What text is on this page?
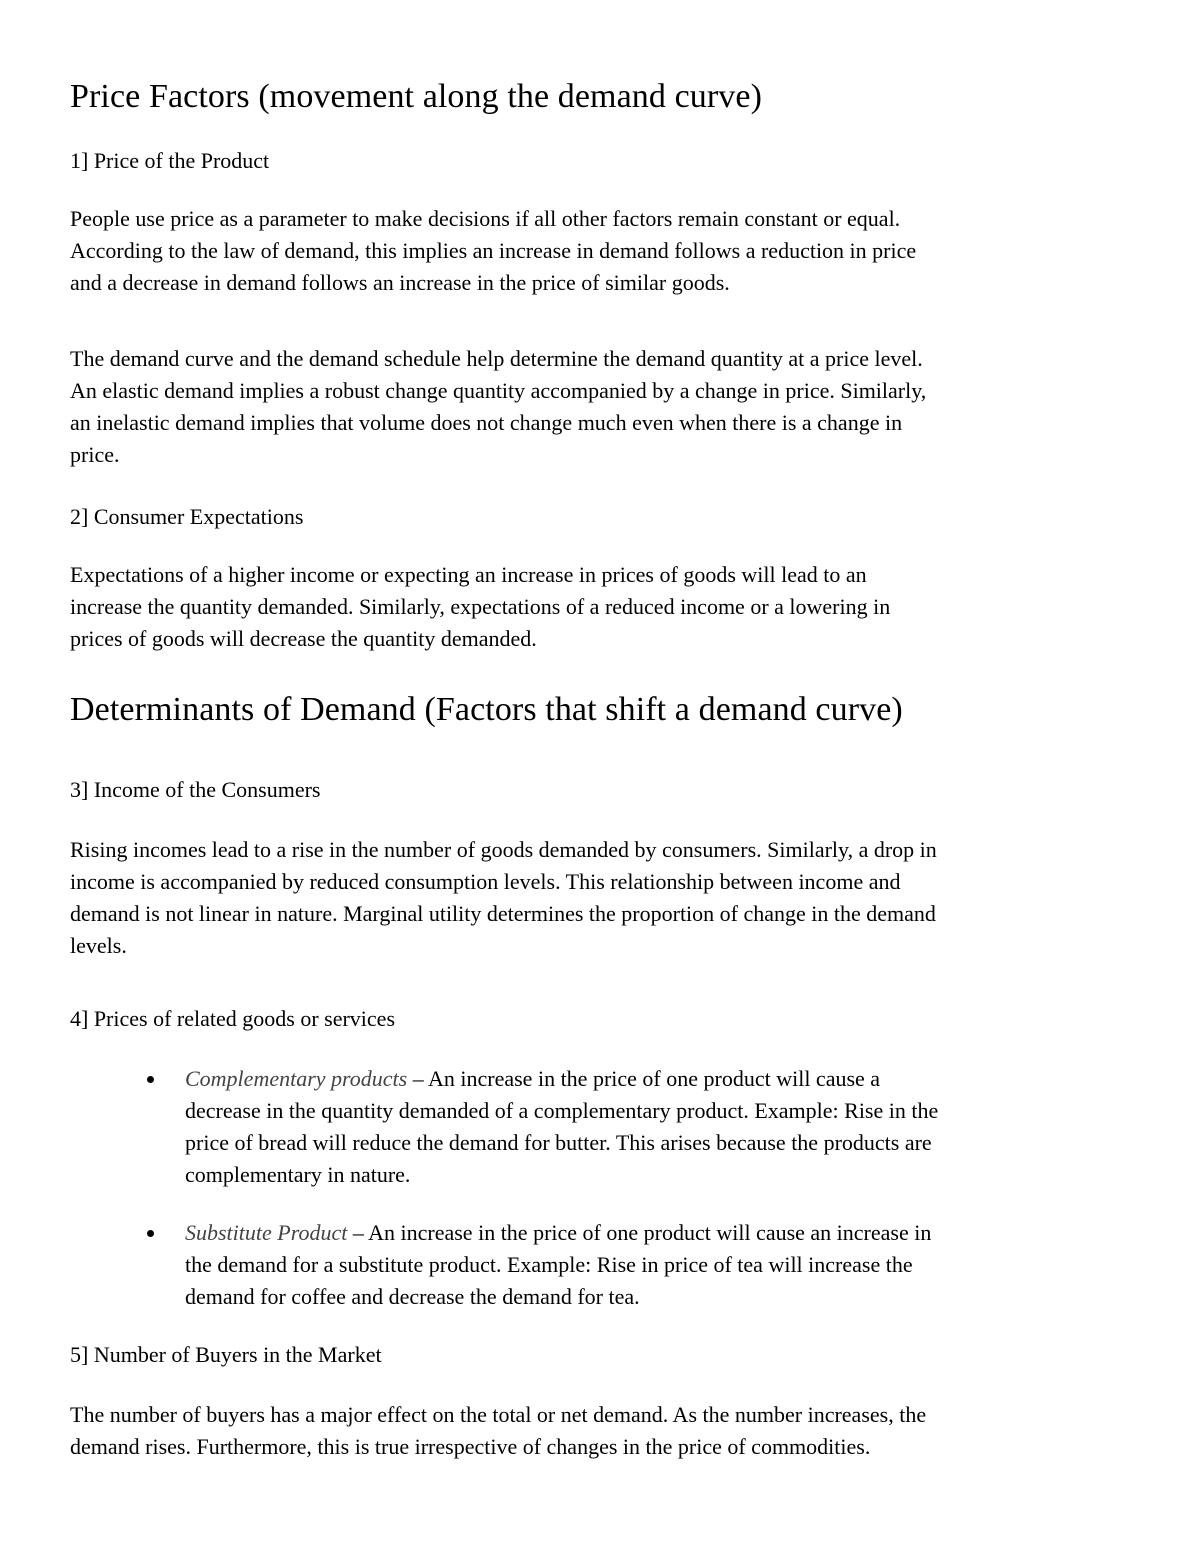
Price Factors (movement along the demand curve)
1] Price of the Product
People use price as a parameter to make decisions if all other factors remain constant or equal.
According to the law of demand, this implies an increase in demand follows a reduction in price
and a decrease in demand follows an increase in the price of similar goods.
The demand curve and the demand schedule help determine the demand quantity at a price level.
An elastic demand implies a robust change quantity accompanied by a change in price. Similarly,
an inelastic demand implies that volume does not change much even when there is a change in
price.
2] Consumer Expectations
Expectations of a higher income or expecting an increase in prices of goods will lead to an
increase the quantity demanded. Similarly, expectations of a reduced income or a lowering in
prices of goods will decrease the quantity demanded.
Determinants of Demand (Factors that shift a demand curve)
3] Income of the Consumers
Rising incomes lead to a rise in the number of goods demanded by consumers. Similarly, a drop in
income is accompanied by reduced consumption levels. This relationship between income and
demand is not linear in nature. Marginal utility determines the proportion of change in the demand
levels.
4] Prices of related goods or services
Complementary products – An increase in the price of one product will cause a
decrease in the quantity demanded of a complementary product. Example: Rise in the
price of bread will reduce the demand for butter. This arises because the products are
complementary in nature.
Substitute Product – An increase in the price of one product will cause an increase in
the demand for a substitute product. Example: Rise in price of tea will increase the
demand for coffee and decrease the demand for tea.
5] Number of Buyers in the Market
The number of buyers has a major effect on the total or net demand. As the number increases, the
demand rises. Furthermore, this is true irrespective of changes in the price of commodities.
